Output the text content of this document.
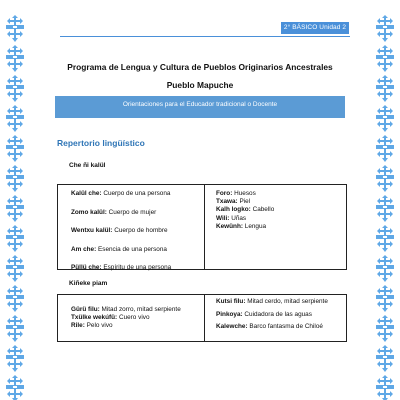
2° BÁSICO Unidad 2
Programa de Lengua y Cultura de Pueblos Originarios Ancestrales
Pueblo Mapuche
Orientaciones para el Educador tradicional o Docente
Repertorio lingüístico
Che ñi kalül
Kalül che: Cuerpo de una persona
Zomo kalül: Cuerpo de mujer
Wentxu kalül: Cuerpo de hombre
Am che: Esencia de una persona
Püllü che: Espíritu de una persona
Foro: Huesos
Txawa: Piel
Kalh logko: Cabello
Wili: Uñas
Kewünh: Lengua
Kiñeke piam
Gürü filu: Mitad zorro, mitad serpiente
Txülke wekúfü: Cuero vivo
Rile: Pelo vivo
Kutsi filu: Mitad cerdo, mitad serpiente
Pinkoya: Cuidadora de las aguas
Kalewche: Barco fantasma de Chiloé
